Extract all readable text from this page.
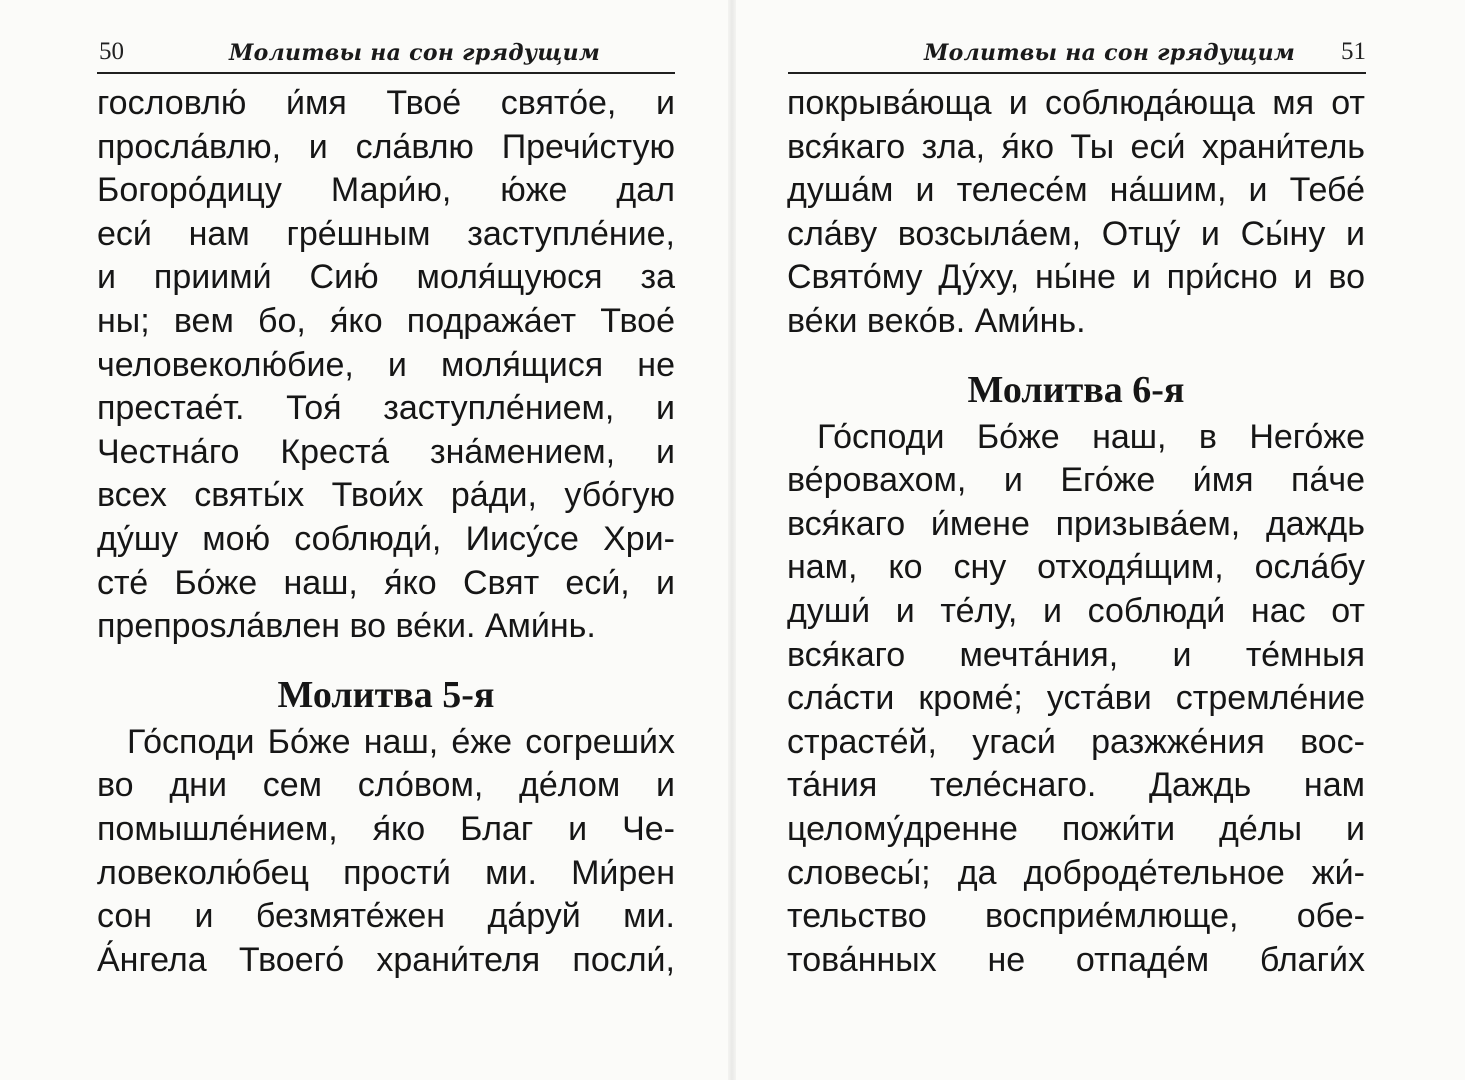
50	Молитвы на сон грядущим
гословлю́ и́мя Твое́ свято́е, и
просла́влю, и сла́влю Пречи́стую
Богоро́дицу Мари́ю, ю́же дал
еси́ нам гре́шным заступле́ние,
и приими́ Сию́ моля́щуюся за
ны; вем бо, я́ко подража́ет Твое́
человеколю́бие, и моля́щися не
престае́т. Тоя́ заступле́нием, и
Честна́го Креста́ зна́мением, и
всех святы́х Твои́х ра́ди, убо́гую
ду́шу мою́ соблюди́, Иису́се Хри-
сте́ Бо́же наш, я́ко Свят еси́, и
препрosла́влен во ве́ки. Ами́нь.
Молитва 5-я
Го́споди Бо́же наш, е́же согреши́х
во дни сем сло́вом, де́лом и
помышле́нием, я́ко Благ и Че-
ловеколю́бец прости́ ми. Ми́рен
сон и безмяте́жен да́руй ми.
А́нгела Твоего́ храни́теля посли́,
Молитвы на сон грядущим 51
покрыва́юща и соблюда́юща мя от
вся́каго зла, я́ко Ты еси́ храни́тель
душа́м и телесе́м на́шим, и Тебе́
сла́ву возсыла́ем, Отцу́ и Сы́ну и
Свято́му Ду́ху, ны́не и при́сно и во
ве́ки веко́в. Ами́нь.
Молитва 6-я
Го́споди Бо́же наш, в Него́же
ве́ровахом, и Его́же и́мя па́че
вся́каго и́мене призыва́ем, даждь
нам, ко сну отходя́щим, осла́бу
души́ и те́лу, и соблюди́ нас от
вся́каго мечта́ния, и те́мныя
сла́сти кроме́; уста́ви стремле́ние
страсте́й, угаси́ разжже́ния вос-
та́ния теле́снаго. Даждь нам
целому́дренне пожи́ти де́лы и
словесы́; да доброде́тельное жи́-
тельство восприе́млюще, обе-
това́нных не отпаде́м благи́х
